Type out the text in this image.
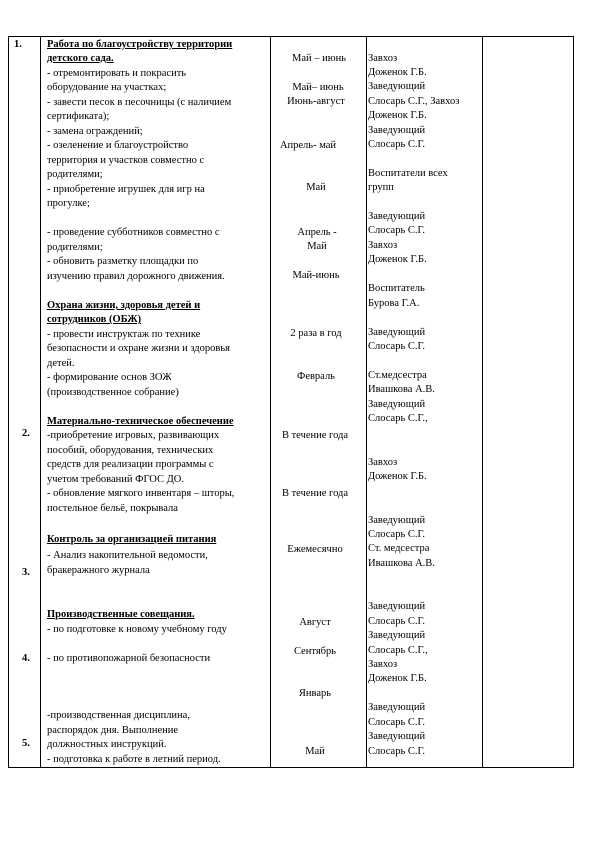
1.
2.
3.
4.
5.
Работа по благоустройству территории
детского сада.
- отремонтировать и покрасить
оборудование на участках;
- завести песок в песочницы (с наличием
сертификата);
- замена ограждений;
- озеленение и благоустройство
территория и участков совместно с
родителями;
- приобретение игрушек для игр на
прогулке;
- проведение субботников совместно с
родителями;
- обновить разметку площадки по
изучению правил дорожного движения.
Охрана жизни, здоровья детей и
сотрудников (ОБЖ)
- провести инструктаж по технике
безопасности и охране жизни и здоровья
детей.
- формирование основ ЗОЖ
(производственное собрание)
Материально-техническое обеспечение
-приобретение игровых, развивающих
пособий, оборудования, технических
средств для реализации программы с
учетом требований ФГОС ДО.
- обновление мягкого инвентаря – шторы,
постельное бельё, покрывала
Контроль за организацией питания
- Анализ накопительной ведомости,
бракеражного журнала
Производственные совещания.
- по подготовке к новому учебному году
- по противопожарной безопасности
-производственная дисциплина,
распорядок дня. Выполнение
должностных инструкций.
- подготовка к работе в летний период.
Май – июнь
Май– июнь
Июнь-август
Апрель- май
Май
Апрель -
Май
Май-июнь
2 раза в год
Февраль
В течение года
В течение года
Ежемесячно
Август
Сентябрь
Январь
Май
Завхоз
Доженок Г.Б.
Заведующий
Слосарь С.Г., Завхоз
Доженок Г.Б.
Заведующий
Слосарь С.Г.
Воспитатели всех
групп
Заведующий
Слосарь С.Г.
Завхоз
Доженок Г.Б.
Воспитатель
Бурова Г.А.
Заведующий
Слосарь С.Г.
Ст.медсестра
Ивашкова А.В.
Заведующий
Слосарь С.Г.,
Завхоз
Доженок Г.Б.
Заведующий
Слосарь С.Г.
Ст. медсестра
Ивашкова А.В.
Заведующий
Слосарь С.Г.
Заведующий
Слосарь С.Г.,
Завхоз
Доженок Г.Б.
Заведующий
Слосарь С.Г.
Заведующий
Слосарь С.Г.
